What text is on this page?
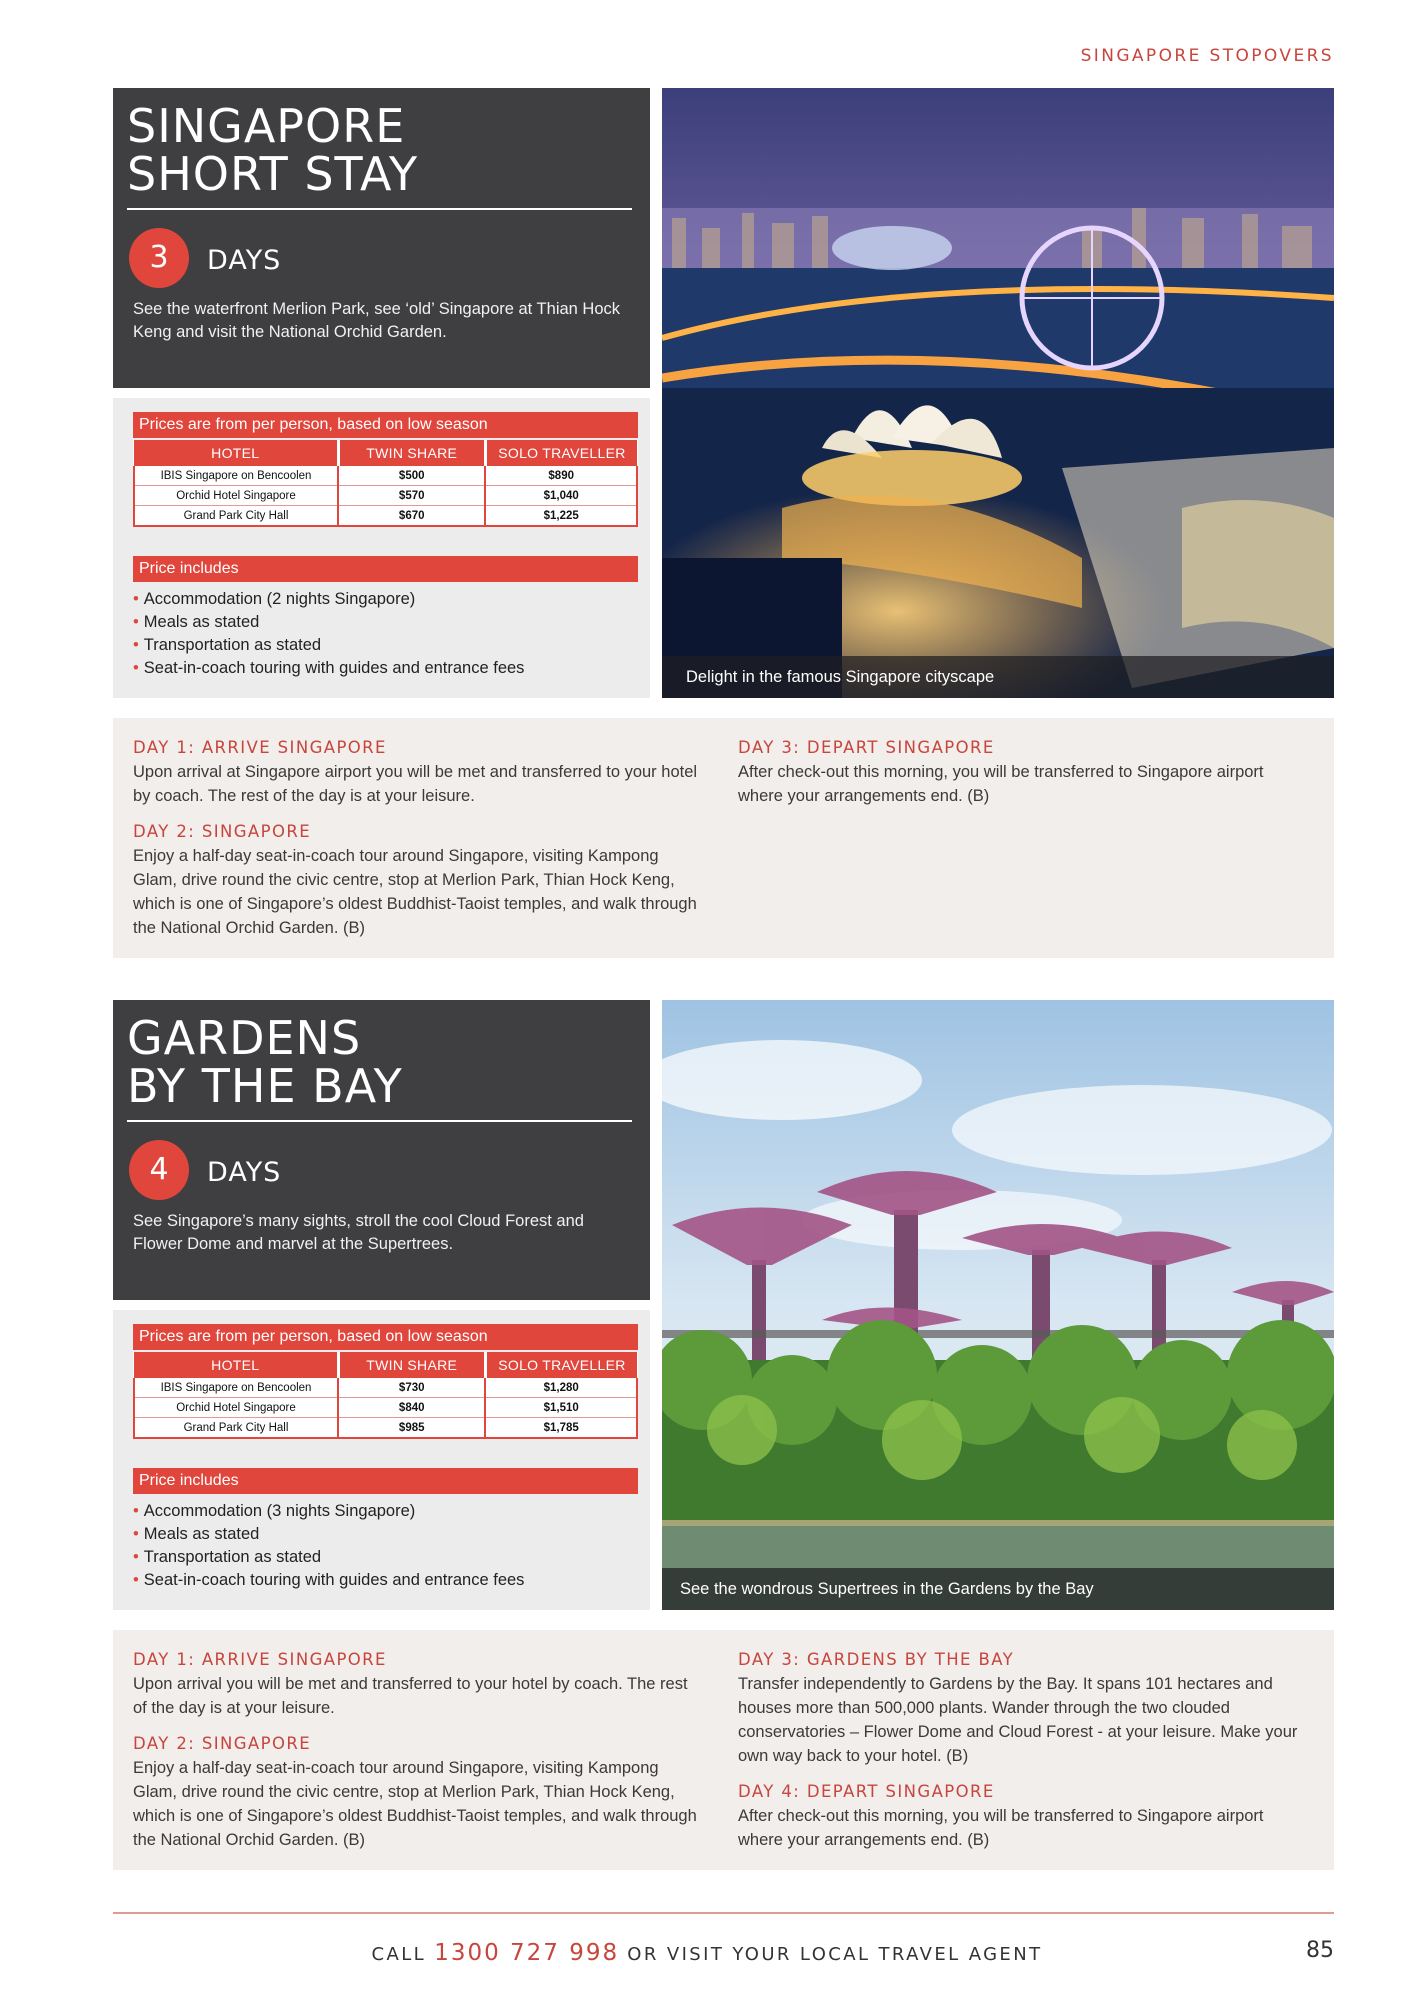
SINGAPORE STOPOVERS
SINGAPORE
SHORT STAY
3	DAYS
See the waterfront Merlion Park, see ‘old’ Singapore at Thian Hock Keng and visit the National Orchid Garden.
Prices are from per person, based on low season
HOTEL	TWIN SHARE	SOLO TRAVELLER
IBIS Singapore on Bencoolen	$500	$890
Orchid Hotel Singapore	$570	$1,040
Grand Park City Hall	$670	$1,225
Price includes
• Accommodation (2 nights Singapore)
• Meals as stated
• Transportation as stated
• Seat-in-coach touring with guides and entrance fees	Delight in the famous Singapore cityscape
DAY 1: ARRIVE SINGAPORE
Upon arrival at Singapore airport you will be met and transferred to your hotel by coach. The rest of the day is at your leisure.
DAY 2: SINGAPORE
Enjoy a half-day seat-in-coach tour around Singapore, visiting Kampong Glam, drive round the civic centre, stop at Merlion Park, Thian Hock Keng, which is one of Singapore’s oldest Buddhist-Taoist temples, and walk through the National Orchid Garden. (B)
DAY 3: DEPART SINGAPORE
After check-out this morning, you will be transferred to Singapore airport where your arrangements end. (B)
GARDENS
BY THE BAY
4	DAYS
See Singapore’s many sights, stroll the cool Cloud Forest and Flower Dome and marvel at the Supertrees.
Prices are from per person, based on low season
HOTEL	TWIN SHARE	SOLO TRAVELLER
IBIS Singapore on Bencoolen	$730	$1,280
Orchid Hotel Singapore	$840	$1,510
Grand Park City Hall	$985	$1,785
Price includes
• Accommodation (3 nights Singapore)
• Meals as stated
• Transportation as stated
• Seat-in-coach touring with guides and entrance fees	See the wondrous Supertrees in the Gardens by the Bay
DAY 1: ARRIVE SINGAPORE
Upon arrival you will be met and transferred to your hotel by coach. The rest of the day is at your leisure.
DAY 2: SINGAPORE
Enjoy a half-day seat-in-coach tour around Singapore, visiting Kampong Glam, drive round the civic centre, stop at Merlion Park, Thian Hock Keng, which is one of Singapore’s oldest Buddhist-Taoist temples, and walk through the National Orchid Garden. (B)
DAY 3: GARDENS BY THE BAY
Transfer independently to Gardens by the Bay. It spans 101 hectares and houses more than 500,000 plants. Wander through the two clouded conservatories – Flower Dome and Cloud Forest - at your leisure. Make your own way back to your hotel. (B)
DAY 4: DEPART SINGAPORE
After check-out this morning, you will be transferred to Singapore airport where your arrangements end. (B)
CALL 1300 727 998 OR VISIT YOUR LOCAL TRAVEL AGENT	85
